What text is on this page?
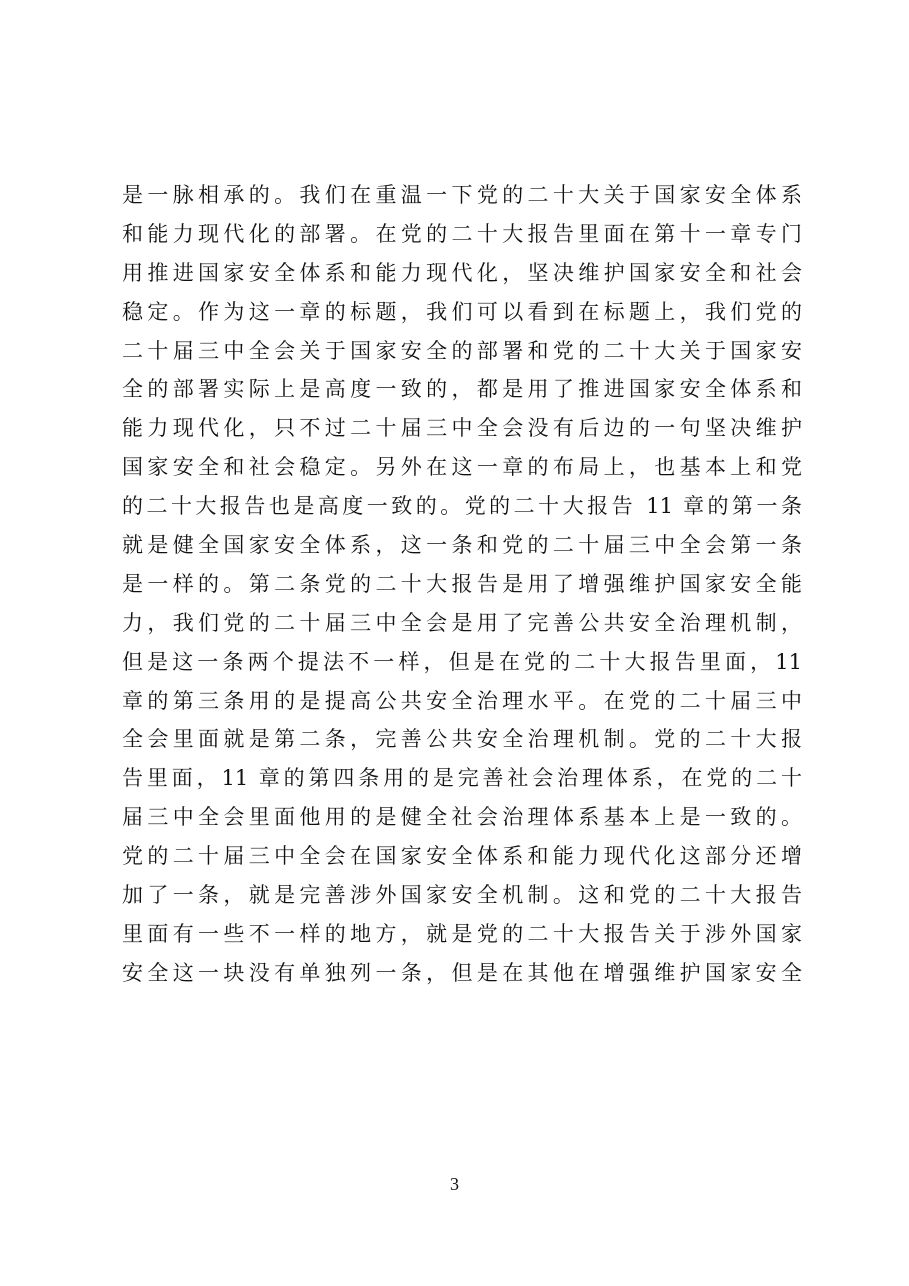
是一脉相承的。我们在重温一下党的二十大关于国家安全体系
和能力现代化的部署。在党的二十大报告里面在第十一章专门
用推进国家安全体系和能力现代化，坚决维护国家安全和社会
稳定。作为这一章的标题，我们可以看到在标题上，我们党的
二十届三中全会关于国家安全的部署和党的二十大关于国家安
全的部署实际上是高度一致的，都是用了推进国家安全体系和
能力现代化，只不过二十届三中全会没有后边的一句坚决维护
国家安全和社会稳定。另外在这一章的布局上，也基本上和党
的二十大报告也是高度一致的。党的二十大报告 11 章的第一条
就是健全国家安全体系，这一条和党的二十届三中全会第一条
是一样的。第二条党的二十大报告是用了增强维护国家安全能
力，我们党的二十届三中全会是用了完善公共安全治理机制，
但是这一条两个提法不一样，但是在党的二十大报告里面，11
章的第三条用的是提高公共安全治理水平。在党的二十届三中
全会里面就是第二条，完善公共安全治理机制。党的二十大报
告里面，11 章的第四条用的是完善社会治理体系，在党的二十
届三中全会里面他用的是健全社会治理体系基本上是一致的。
党的二十届三中全会在国家安全体系和能力现代化这部分还增
加了一条，就是完善涉外国家安全机制。这和党的二十大报告
里面有一些不一样的地方，就是党的二十大报告关于涉外国家
安全这一块没有单独列一条，但是在其他在增强维护国家安全
3
